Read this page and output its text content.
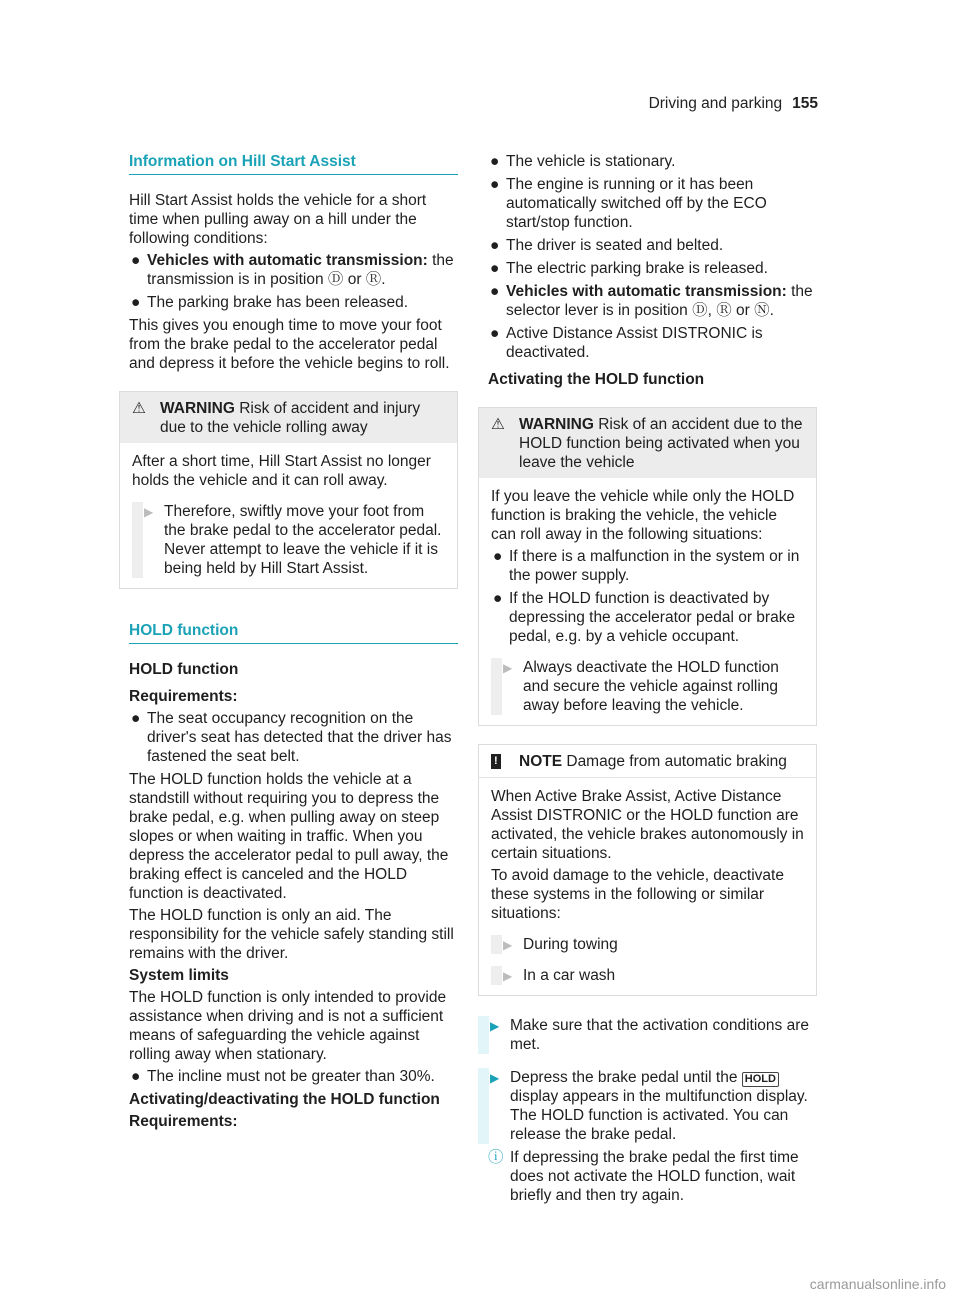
Driving and parking 155
Information on Hill Start Assist

Hill Start Assist holds the vehicle for a short time when pulling away on a hill under the following conditions:

● Vehicles with automatic transmission: the transmission is in position Ⓓ or Ⓡ.
● The parking brake has been released.

This gives you enough time to move your foot from the brake pedal to the accelerator pedal and depress it before the vehicle begins to roll.

⚠ WARNING Risk of accident and injury due to the vehicle rolling away

After a short time, Hill Start Assist no longer holds the vehicle and it can roll away.

▶ Therefore, swiftly move your foot from the brake pedal to the accelerator pedal. Never attempt to leave the vehicle if it is being held by Hill Start Assist.
HOLD function

HOLD function

Requirements:

● The seat occupancy recognition on the driver's seat has detected that the driver has fastened the seat belt.

The HOLD function holds the vehicle at a standstill without requiring you to depress the brake pedal, e.g. when pulling away on steep slopes or when waiting in traffic. When you depress the accelerator pedal to pull away, the braking effect is canceled and the HOLD function is deactivated.

The HOLD function is only an aid. The responsibility for the vehicle safely standing still remains with the driver.

System limits

The HOLD function is only intended to provide assistance when driving and is not a sufficient means of safeguarding the vehicle against rolling away when stationary.

● The incline must not be greater than 30%.

Activating/deactivating the HOLD function

Requirements:

● The vehicle is stationary.
● The engine is running or it has been automatically switched off by the ECO start/stop function.
● The driver is seated and belted.
● The electric parking brake is released.
● Vehicles with automatic transmission: the selector lever is in position Ⓓ, Ⓡ or Ⓝ.
● Active Distance Assist DISTRONIC is deactivated.

Activating the HOLD function

⚠ WARNING Risk of an accident due to the HOLD function being activated when you leave the vehicle

If you leave the vehicle while only the HOLD function is braking the vehicle, the vehicle can roll away in the following situations:

● If there is a malfunction in the system or in the power supply.
● If the HOLD function is deactivated by depressing the accelerator pedal or brake pedal, e.g. by a vehicle occupant.
▶ Always deactivate the HOLD function and secure the vehicle against rolling away before leaving the vehicle.
!	NOTE Damage from automatic braking

When Active Brake Assist, Active Distance Assist DISTRONIC or the HOLD function are activated, the vehicle brakes autonomously in certain situations.

To avoid damage to the vehicle, deactivate these systems in the following or similar situations:

▶ During towing
▶ In a car wash
▶ Make sure that the activation conditions are met.
▶ Depress the brake pedal until the HOLD display appears in the multifunction display. The HOLD function is activated. You can release the brake pedal.
ⓘ If depressing the brake pedal the first time does not activate the HOLD function, wait briefly and then try again.
carmanualsonline.info
